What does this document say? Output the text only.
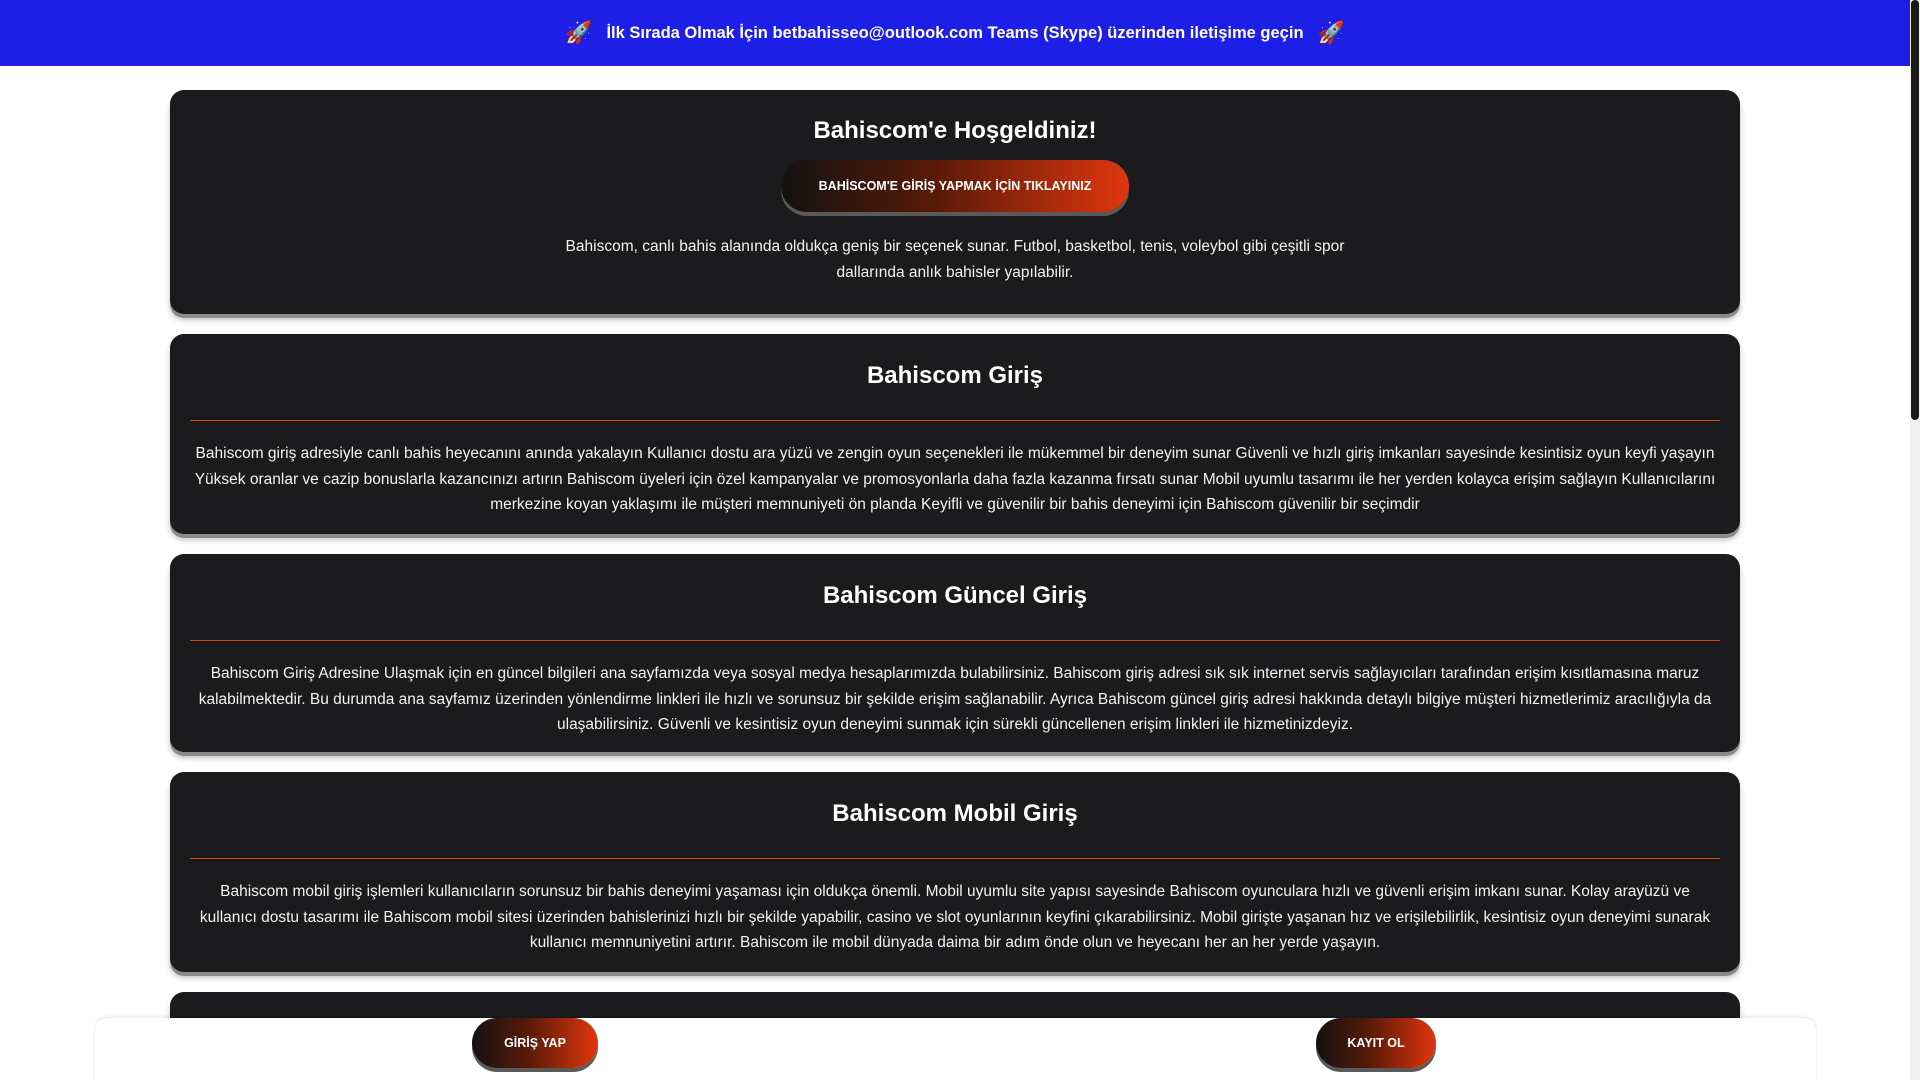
🚀 İlk Sırada Olmak İçin betbahisseo@outlook.com Teams (Skype) üzerinden iletişime geçin 🚀
Bahiscom'e Hoşgeldiniz!
BAHİSCOM'E GİRİŞ YAPMAK İÇİN TIKLAYINIZ

Bahiscom, canlı bahis alanında oldukça geniş bir seçenek sunar. Futbol, basketbol, tenis, voleybol gibi çeşitli spor dallarında anlık bahisler yapılabilir.

Bahiscom Giriş

Bahiscom giriş adresiyle canlı bahis heyecanını anında yakalayın Kullanıcı dostu ara yüzü ve zengin oyun seçenekleri ile mükemmel bir deneyim sunar Güvenli ve hızlı giriş imkanları sayesinde kesintisiz oyun keyfi yaşayın Yüksek oranlar ve cazip bonuslarla kazancınızı artırın Bahiscom üyeleri için özel kampanyalar ve promosyonlarla daha fazla kazanma fırsatı sunar Mobil uyumlu tasarımı ile her yerden kolayca erişim sağlayın Kullanıcılarını merkezine koyan yaklaşımı ile müşteri memnuniyeti ön planda Keyifli ve güvenilir bir bahis deneyimi için Bahiscom güvenilir bir seçimdir

Bahiscom Güncel Giriş

Bahiscom Giriş Adresine Ulaşmak için en güncel bilgileri ana sayfamızda veya sosyal medya hesaplarımızda bulabilirsiniz. Bahiscom giriş adresi sık sık internet servis sağlayıcıları tarafından erişim kısıtlamasına maruz kalabilmektedir. Bu durumda ana sayfamız üzerinden yönlendirme linkleri ile hızlı ve sorunsuz bir şekilde erişim sağlanabilir. Ayrıca Bahiscom güncel giriş adresi hakkında detaylı bilgiye müşteri hizmetlerimiz aracılığıyla da ulaşabilirsiniz. Güvenli ve kesintisiz oyun deneyimi sunmak için sürekli güncellenen erişim linkleri ile hizmetinizdeyiz.

Bahiscom Mobil Giriş

Bahiscom mobil giriş işlemleri kullanıcıların sorunsuz bir bahis deneyimi yaşaması için oldukça önemli. Mobil uyumlu site yapısı sayesinde Bahiscom oyunculara hızlı ve güvenli erişim imkanı sunar. Kolay arayüzü ve kullanıcı dostu tasarımı ile Bahiscom mobil sitesi üzerinden bahislerinizi hızlı bir şekilde yapabilir, casino ve slot oyunlarının keyfini çıkarabilirsiniz. Mobil girişte yaşanan hız ve erişilebilirlik, kesintisiz oyun deneyimi sunarak kullanıcı memnuniyetini artırır. Bahiscom ile mobil dünyada daima bir adım önde olun ve heyecanı her an her yerde yaşayın.

GİRİŞ YAP	KAYIT OL
